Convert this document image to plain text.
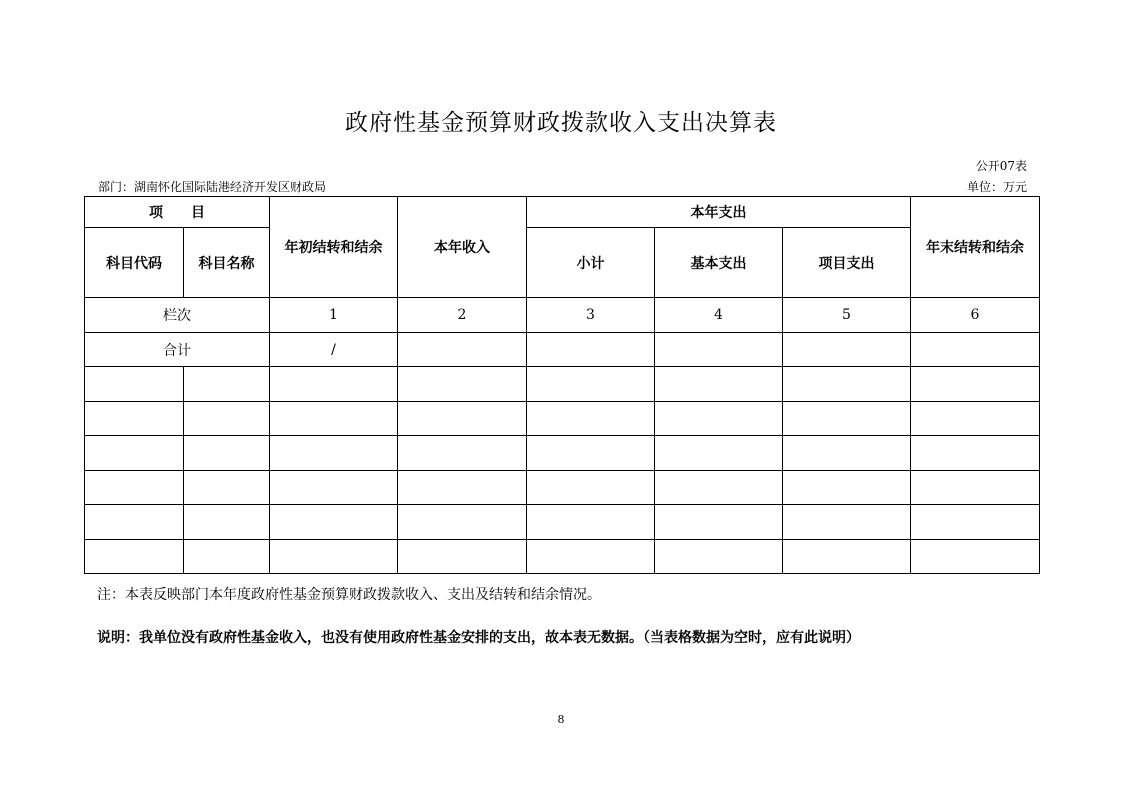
政府性基金预算财政拨款收入支出决算表
公开07表
部门：湖南怀化国际陆港经济开发区财政局	单位：万元
项　　目		年初结转和结余	本年收入	本年支出			年末结转和结余
科目代码	科目名称			小计	基本支出	项目支出	
栏次		1	2	3	4	5	6
合计		/					

注：本表反映部门本年度政府性基金预算财政拨款收入、支出及结转和结余情况。
说明：我单位没有政府性基金收入，也没有使用政府性基金安排的支出，故本表无数据。（当表格数据为空时，应有此说明）
8
